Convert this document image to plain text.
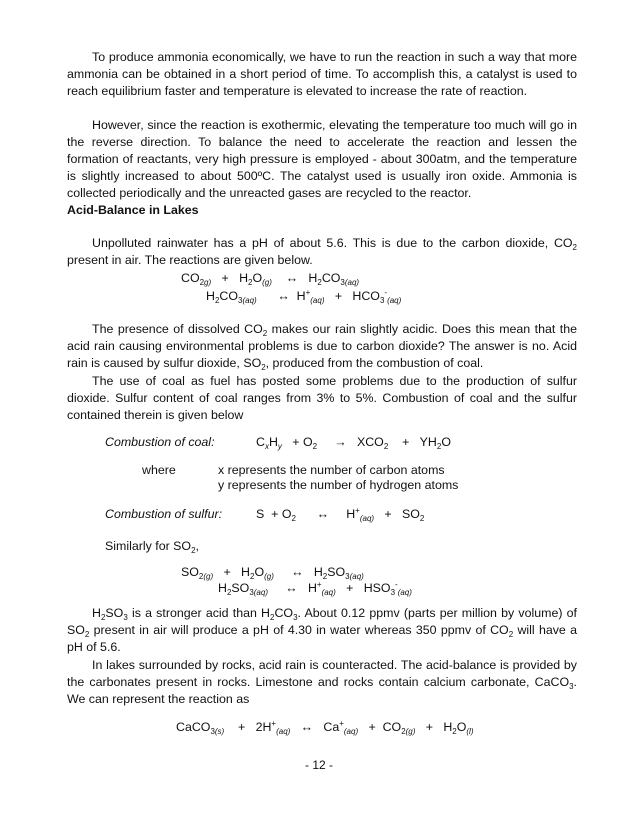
To produce ammonia economically, we have to run the reaction in such a way that more ammonia can be obtained in a short period of time. To accomplish this, a catalyst is used to reach equilibrium faster and temperature is elevated to increase the rate of reaction.

However, since the reaction is exothermic, elevating the temperature too much will go in the reverse direction. To balance the need to accelerate the reaction and lessen the formation of reactants, very high pressure is employed - about 300atm, and the temperature is slightly increased to about 500ºC. The catalyst used is usually iron oxide. Ammonia is collected periodically and the unreacted gases are recycled to the reactor.

Acid-Balance in Lakes

Unpolluted rainwater has a pH of about 5.6. This is due to the carbon dioxide, $CO_2$ present in air. The reactions are given below.

$CO_{2g)} + H_2O_{(g)}$ ↔ $H_2CO_{3(aq)}$

$H_2CO_{3(aq)}$ ↔ $H^+_{(aq)} + HCO_3^-_{(aq)}$

The presence of dissolved $CO_2$ makes our rain slightly acidic. Does this mean that the acid rain causing environmental problems is due to carbon dioxide? The answer is no. Acid rain is caused by sulfur dioxide, $SO_2$, produced from the combustion of coal.

The use of coal as fuel has posted some problems due to the production of sulfur dioxide. Sulfur content of coal ranges from 3% to 5%. Combustion of coal and the sulfur contained therein is given below

Combustion of coal:	$C_xH_y + O_2 \to XCO_2 + YH_2O$

where	x represents the number of carbon atoms

y represents the number of hydrogen atoms

Combustion of sulfur:	$S + O_2$ ↔ $H^+_{(aq)} + SO_2$

Similarly for $SO_2$,

$SO_{2(g)} + H_2O_{(g)}$ ↔ $H_2SO_{3(aq)}$

$H_2SO_{3(aq)}$ ↔ $H^+_{(aq)} + HSO_3^-_{(aq)}$

$H_2SO_3$ is a stronger acid than $H_2CO_3$. About 0.12 ppmv (parts per million by volume) of $SO_2$ present in air will produce a pH of 4.30 in water whereas 350 ppmv of $CO_2$ will have a pH of 5.6.

In lakes surrounded by rocks, acid rain is counteracted. The acid-balance is provided by the carbonates present in rocks. Limestone and rocks contain calcium carbonate, CaCO$_3$. We can represent the reaction as

CaCO$_{3(s)}$ + $2H^+_{(aq)}$ ↔ $Ca^+_{(aq)} + CO_{2(g)} + H_2O_{(l)}$

- 12 -
